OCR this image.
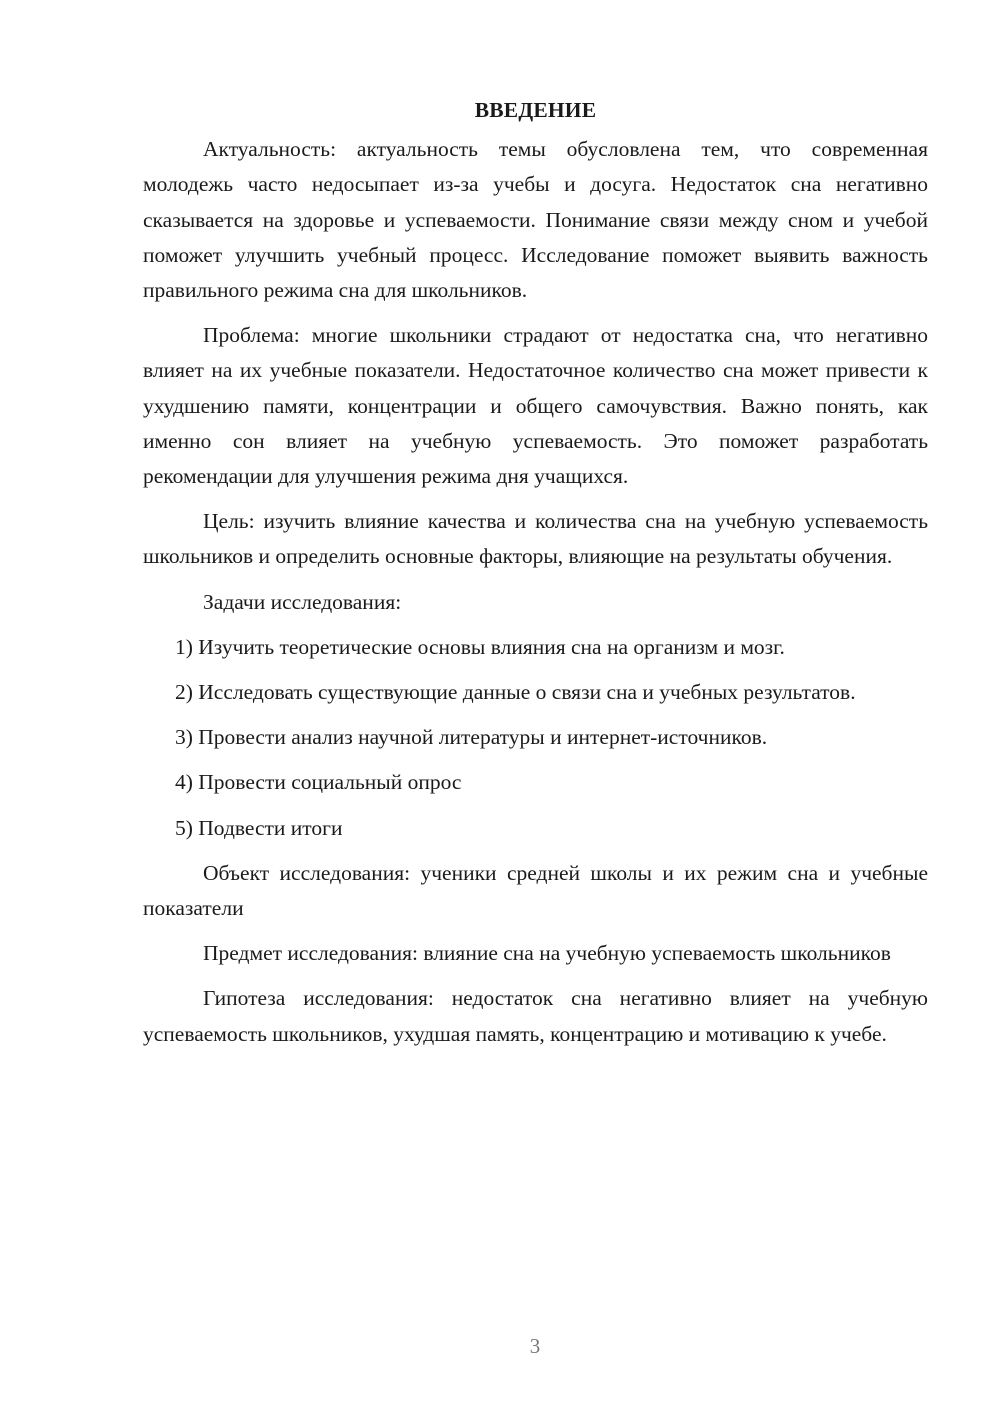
ВВЕДЕНИЕ

Актуальность: актуальность темы обусловлена тем, что современная молодежь часто недосыпает из-за учебы и досуга. Недостаток сна негативно сказывается на здоровье и успеваемости. Понимание связи между сном и учебой поможет улучшить учебный процесс. Исследование поможет выявить важность правильного режима сна для школьников.

Проблема: многие школьники страдают от недостатка сна, что негативно влияет на их учебные показатели. Недостаточное количество сна может привести к ухудшению памяти, концентрации и общего самочувствия. Важно понять, как именно сон влияет на учебную успеваемость. Это поможет разработать рекомендации для улучшения режима дня учащихся.

Цель: изучить влияние качества и количества сна на учебную успеваемость школьников и определить основные факторы, влияющие на результаты обучения.

Задачи исследования:

1) Изучить теоретические основы влияния сна на организм и мозг.

2) Исследовать существующие данные о связи сна и учебных результатов.

3) Провести анализ научной литературы и интернет-источников.

4) Провести социальный опрос

5) Подвести итоги

Объект исследования: ученики средней школы и их режим сна и учебные показатели

Предмет исследования: влияние сна на учебную успеваемость школьников

Гипотеза исследования: недостаток сна негативно влияет на учебную успеваемость школьников, ухудшая память, концентрацию и мотивацию к учебе.

3
